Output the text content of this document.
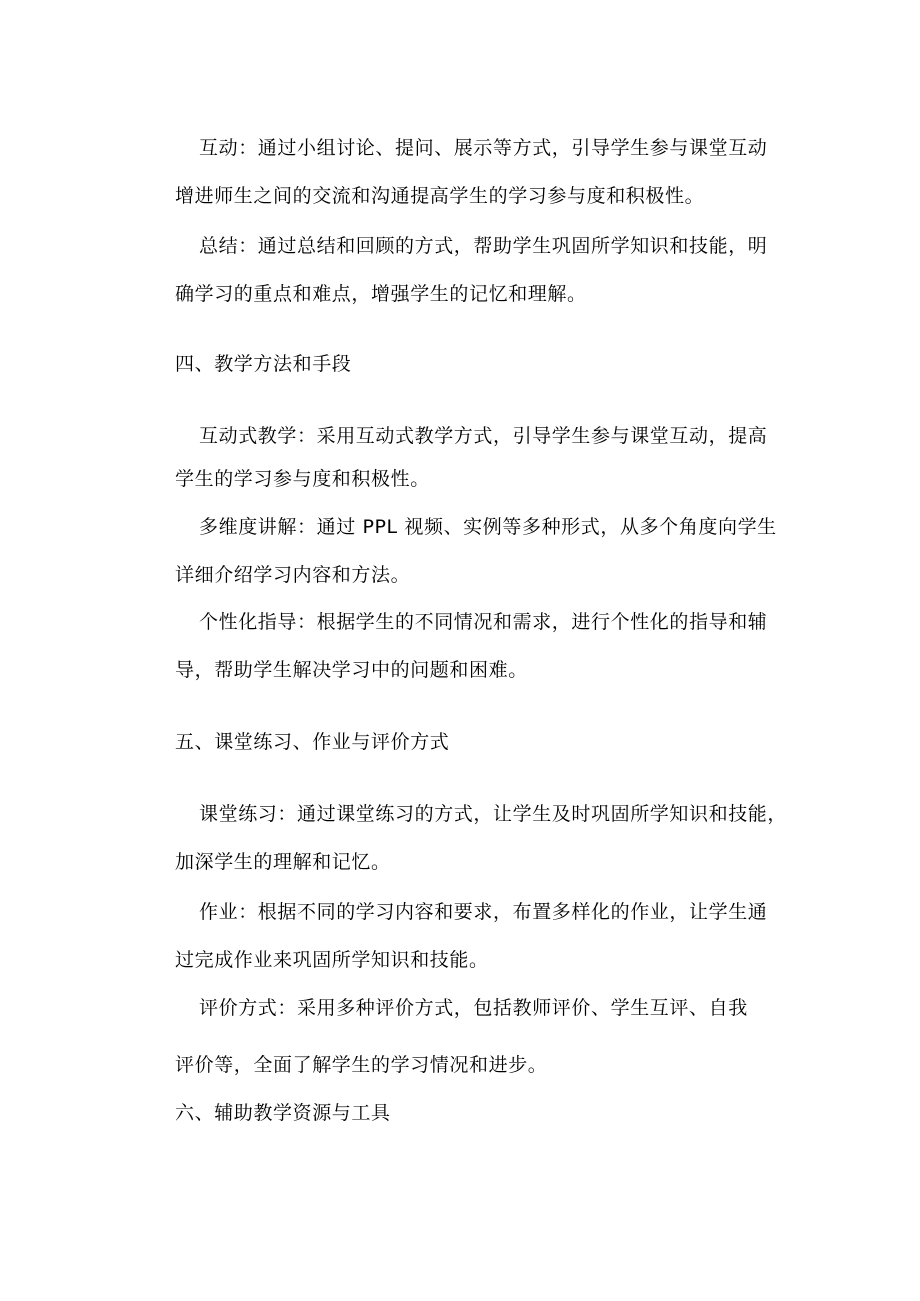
互动：通过小组讨论、提问、展示等方式，引导学生参与课堂互动
增进师生之间的交流和沟通提高学生的学习参与度和积极性。
总结：通过总结和回顾的方式，帮助学生巩固所学知识和技能，明
确学习的重点和难点，增强学生的记忆和理解。
四、教学方法和手段
互动式教学：采用互动式教学方式，引导学生参与课堂互动，提高
学生的学习参与度和积极性。
多维度讲解：通过 PPL 视频、实例等多种形式，从多个角度向学生
详细介绍学习内容和方法。
个性化指导：根据学生的不同情况和需求，进行个性化的指导和辅
导，帮助学生解决学习中的问题和困难。
五、课堂练习、作业与评价方式
课堂练习：通过课堂练习的方式，让学生及时巩固所学知识和技能，
加深学生的理解和记忆。
作业：根据不同的学习内容和要求，布置多样化的作业，让学生通
过完成作业来巩固所学知识和技能。
评价方式：采用多种评价方式，包括教师评价、学生互评、自我
评价等，全面了解学生的学习情况和进步。
六、辅助教学资源与工具
